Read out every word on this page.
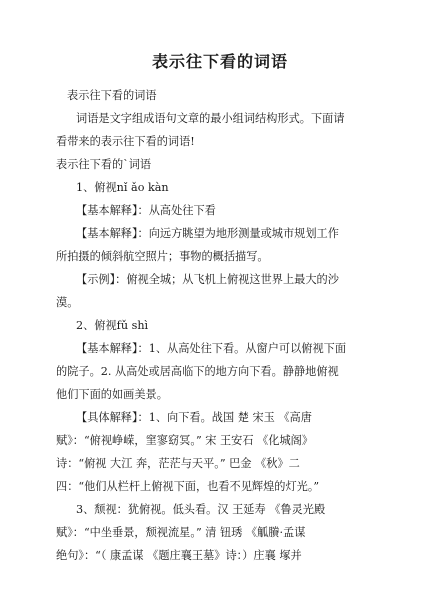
表示往下看的词语

表示往下看的词语

词语是文字组成语句文章的最小组词结构形式。下面请

看带来的表示往下看的词语!

表示往下看的`词语

1、俯视nǐ ǎo kàn

【基本解释】：从高处往下看

【基本解释】：向远方眺望为地形测量或城市规划工作

所拍摄的倾斜航空照片；事物的概括描写。

【示例】：俯视全城；从飞机上俯视这世界上最大的沙

漠。

2、俯视fǔ shì

【基本解释】：1、从高处往下看。从窗户可以俯视下面

的院子。2. 从高处或居高临下的地方向下看。静静地俯视

他们下面的如画美景。

【具体解释】：1、向下看。战国 楚 宋玉 《高唐

赋》：“俯视峥嵘，窐寥窈冥。” 宋 王安石 《化城阁》

诗：“俯视 大江 奔，茫茫与天平。” 巴金 《秋》二

四：“他们从栏杆上俯视下面，也看不见辉煌的灯光。”

3、颓视：犹俯视。低头看。汉 王延寿 《鲁灵光殿

赋》：“中坐垂景，颓视流星。” 清 钮琇 《觚賸·孟谋

绝句》：“（ 康孟谋 《题庄襄王墓》诗：）庄襄 塚并
